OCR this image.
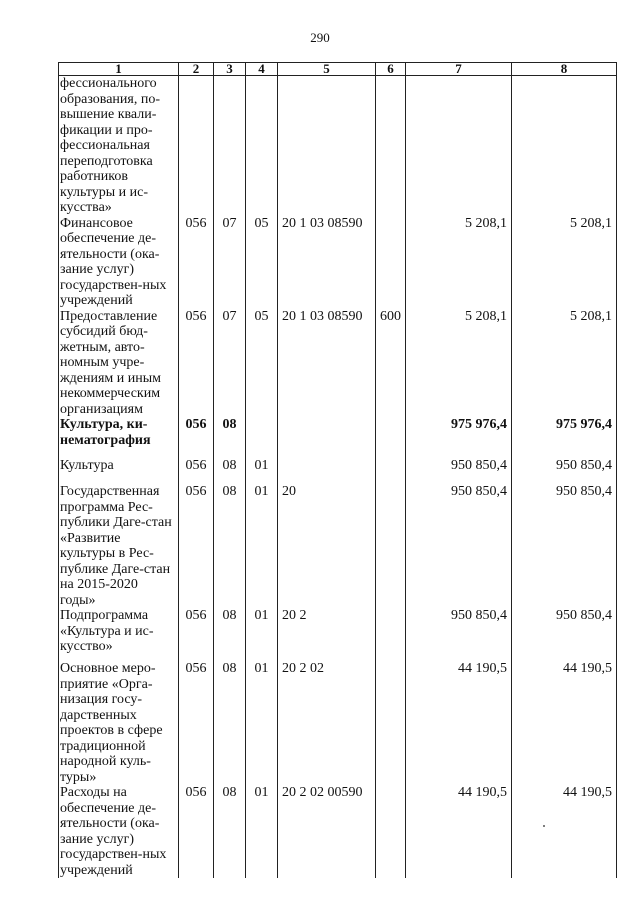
290
1	2	3	4	5	6	7	8
фессионального образования, по-вышение квали-фикации и про-фессиональная переподготовка работников культуры и ис-кусства»							
Финансовое обеспечение де-ятельности (ока-зание услуг) государствен-ных учреждений	056	07	05	20 1 03 08590		5 208,1	5 208,1
Предоставление субсидий бюд-жетным, авто-номным учре-ждениям и иным некоммерческим организациям	056	07	05	20 1 03 08590	600	5 208,1	5 208,1
Культура, ки-нематография	056	08				975 976,4	975 976,4
Культура	056	08	01			950 850,4	950 850,4
Государственная программа Рес-публики Даге-стан «Развитие культуры в Рес-публике Даге-стан на 2015-2020 годы»	056	08	01	20		950 850,4	950 850,4
Подпрограмма «Культура и ис-кусство»	056	08	01	20 2		950 850,4	950 850,4
Основное меро-приятие «Орга-низация госу-дарственных проектов в сфере традиционной народной куль-туры»	056	08	01	20 2 02		44 190,5	44 190,5
Расходы на обеспечение де-ятельности (ока-зание услуг) государствен-ных учреждений	056	08	01	20 2 02 00590		44 190,5	44 190,5
